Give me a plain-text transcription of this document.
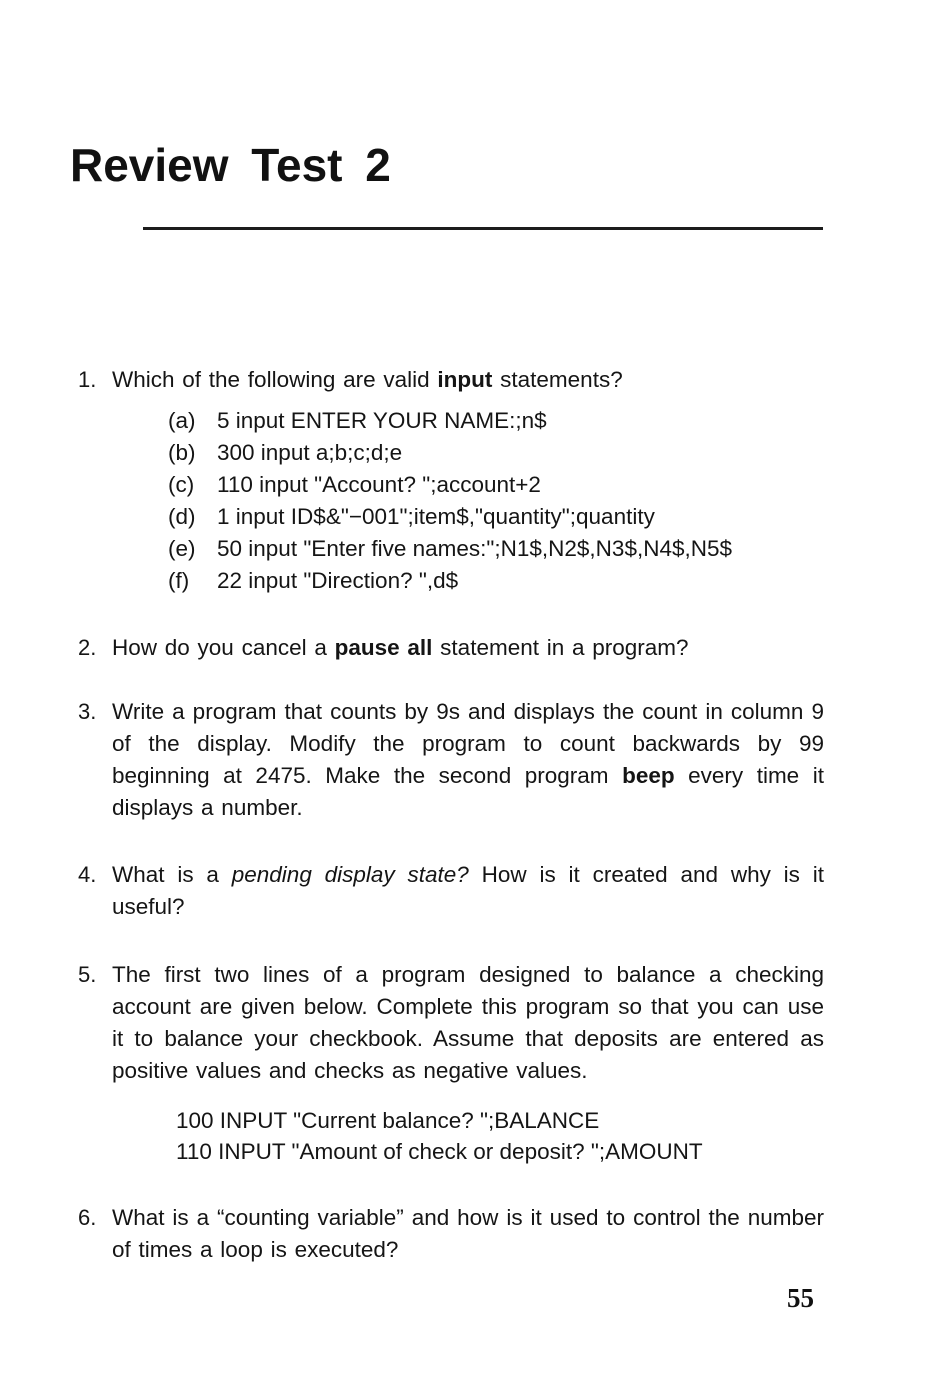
Review Test 2
1. Which of the following are valid input statements?

(a) 5 input ENTER YOUR NAME:;n$
(b) 300 input a;b;c;d;e
(c) 110 input "Account? ";account+2
(d) 1 input ID$&"−001";item$,"quantity";quantity
(e) 50 input "Enter five names:";N1$,N2$,N3$,N4$,N5$
(f) 22 input "Direction? ",d$
2. How do you cancel a pause all statement in a program?

3. Write a program that counts by 9s and displays the count in column 9 of the display. Modify the program to count backwards by 99 beginning at 2475. Make the second program beep every time it displays a number.

4. What is a pending display state? How is it created and why is it useful?

5. The first two lines of a program designed to balance a checking account are given below. Complete this program so that you can use it to balance your checkbook. Assume that deposits are entered as positive values and checks as negative values.

100 INPUT "Current balance? ";BALANCE
110 INPUT "Amount of check or deposit? ";AMOUNT
6. What is a “counting variable” and how is it used to control the number of times a loop is executed?

55
